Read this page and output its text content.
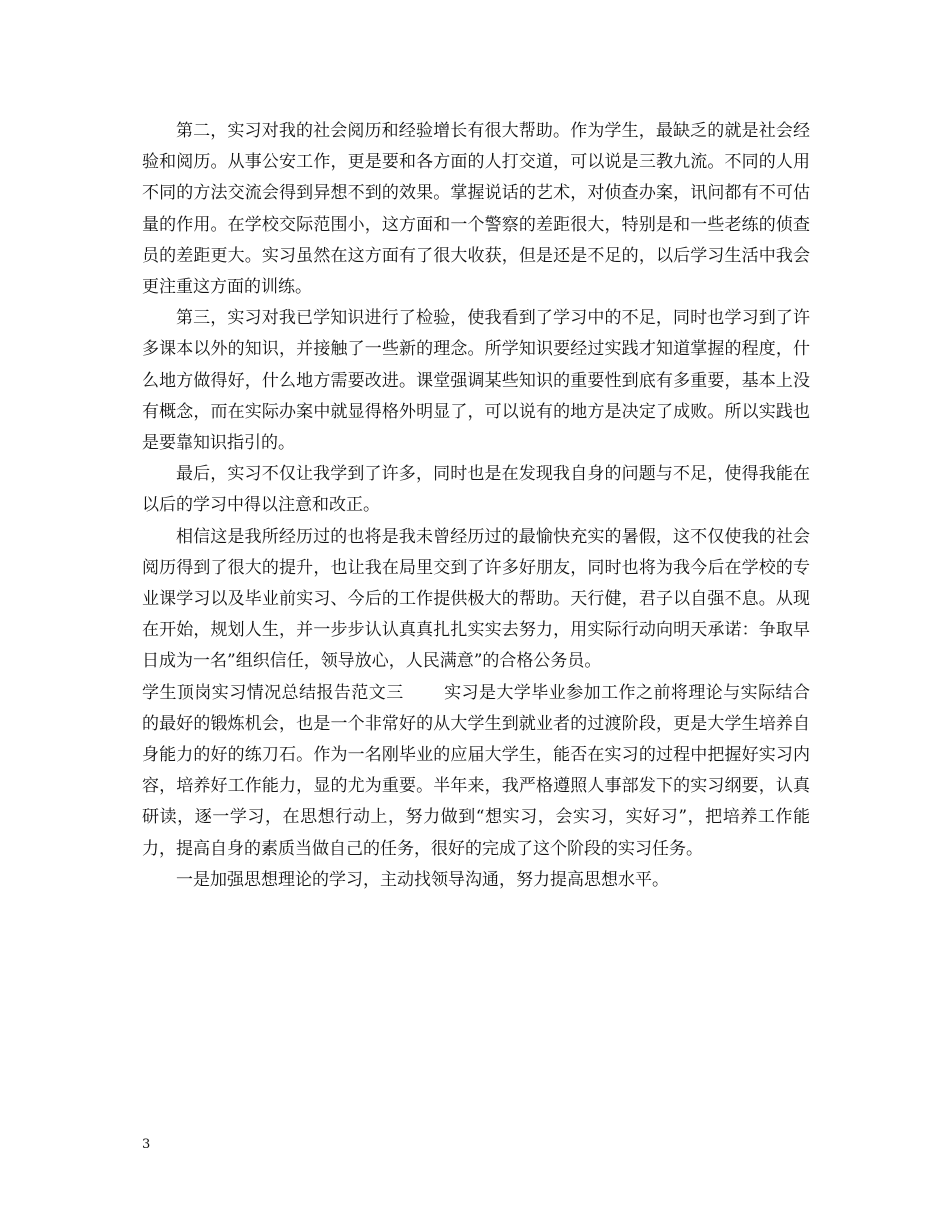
第二，实习对我的社会阅历和经验增长有很大帮助。作为学生，最缺乏的就是社会经验和阅历。从事公安工作，更是要和各方面的人打交道，可以说是三教九流。不同的人用不同的方法交流会得到异想不到的效果。掌握说话的艺术，对侦查办案，讯问都有不可估量的作用。在学校交际范围小，这方面和一个警察的差距很大，特别是和一些老练的侦查员的差距更大。实习虽然在这方面有了很大收获，但是还是不足的，以后学习生活中我会更注重这方面的训练。

第三，实习对我已学知识进行了检验，使我看到了学习中的不足，同时也学习到了许多课本以外的知识，并接触了一些新的理念。所学知识要经过实践才知道掌握的程度，什么地方做得好，什么地方需要改进。课堂强调某些知识的重要性到底有多重要，基本上没有概念，而在实际办案中就显得格外明显了，可以说有的地方是决定了成败。所以实践也是要靠知识指引的。

最后，实习不仅让我学到了许多，同时也是在发现我自身的问题与不足，使得我能在以后的学习中得以注意和改正。

相信这是我所经历过的也将是我未曾经历过的最愉快充实的暑假，这不仅使我的社会阅历得到了很大的提升，也让我在局里交到了许多好朋友，同时也将为我今后在学校的专业课学习以及毕业前实习、今后的工作提供极大的帮助。天行健，君子以自强不息。从现在开始，规划人生，并一步步认认真真扎扎实实去努力，用实际行动向明天承诺：争取早日成为一名”组织信任，领导放心，人民满意”的合格公务员。

学生顶岗实习情况总结报告范文三 实习是大学毕业参加工作之前将理论与实际结合的最好的锻炼机会，也是一个非常好的从大学生到就业者的过渡阶段，更是大学生培养自身能力的好的练刀石。作为一名刚毕业的应届大学生，能否在实习的过程中把握好实习内容，培养好工作能力，显的尤为重要。半年来，我严格遵照人事部发下的实习纲要，认真研读，逐一学习，在思想行动上，努力做到“想实习，会实习，实好习”，把培养工作能力，提高自身的素质当做自己的任务，很好的完成了这个阶段的实习任务。

一是加强思想理论的学习，主动找领导沟通，努力提高思想水平。

3
